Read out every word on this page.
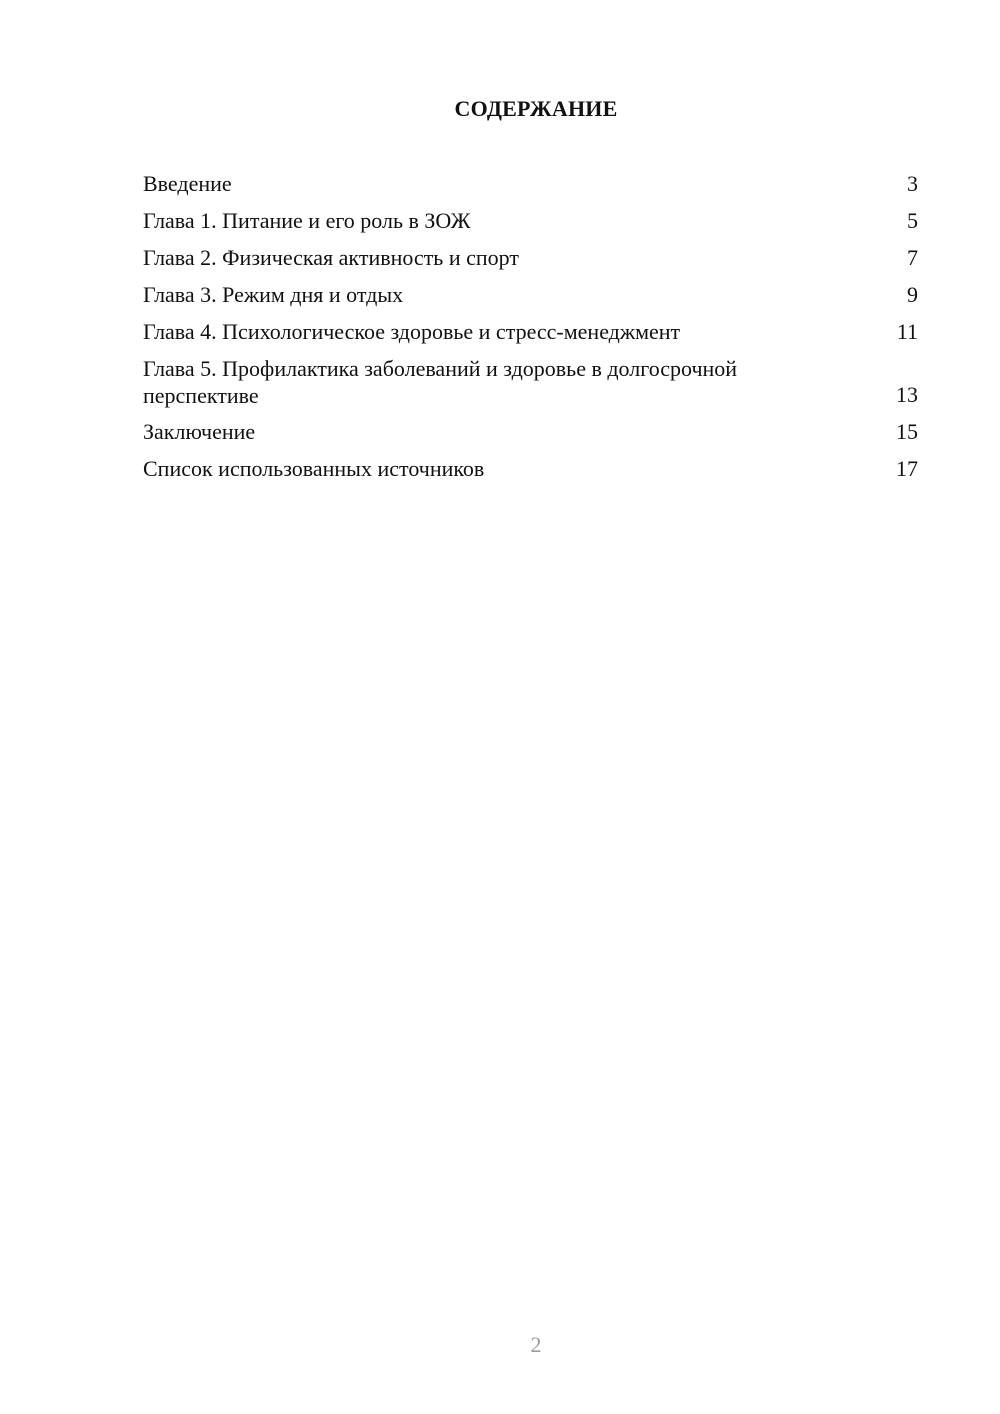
СОДЕРЖАНИЕ
Введение	3
Глава 1. Питание и его роль в ЗОЖ	5
Глава 2. Физическая активность и спорт	7
Глава 3. Режим дня и отдых	9
Глава 4. Психологическое здоровье и стресс-менеджмент	11
Глава 5. Профилактика заболеваний и здоровье в долгосрочной перспективе	13
Заключение	15
Список использованных источников	17
2
